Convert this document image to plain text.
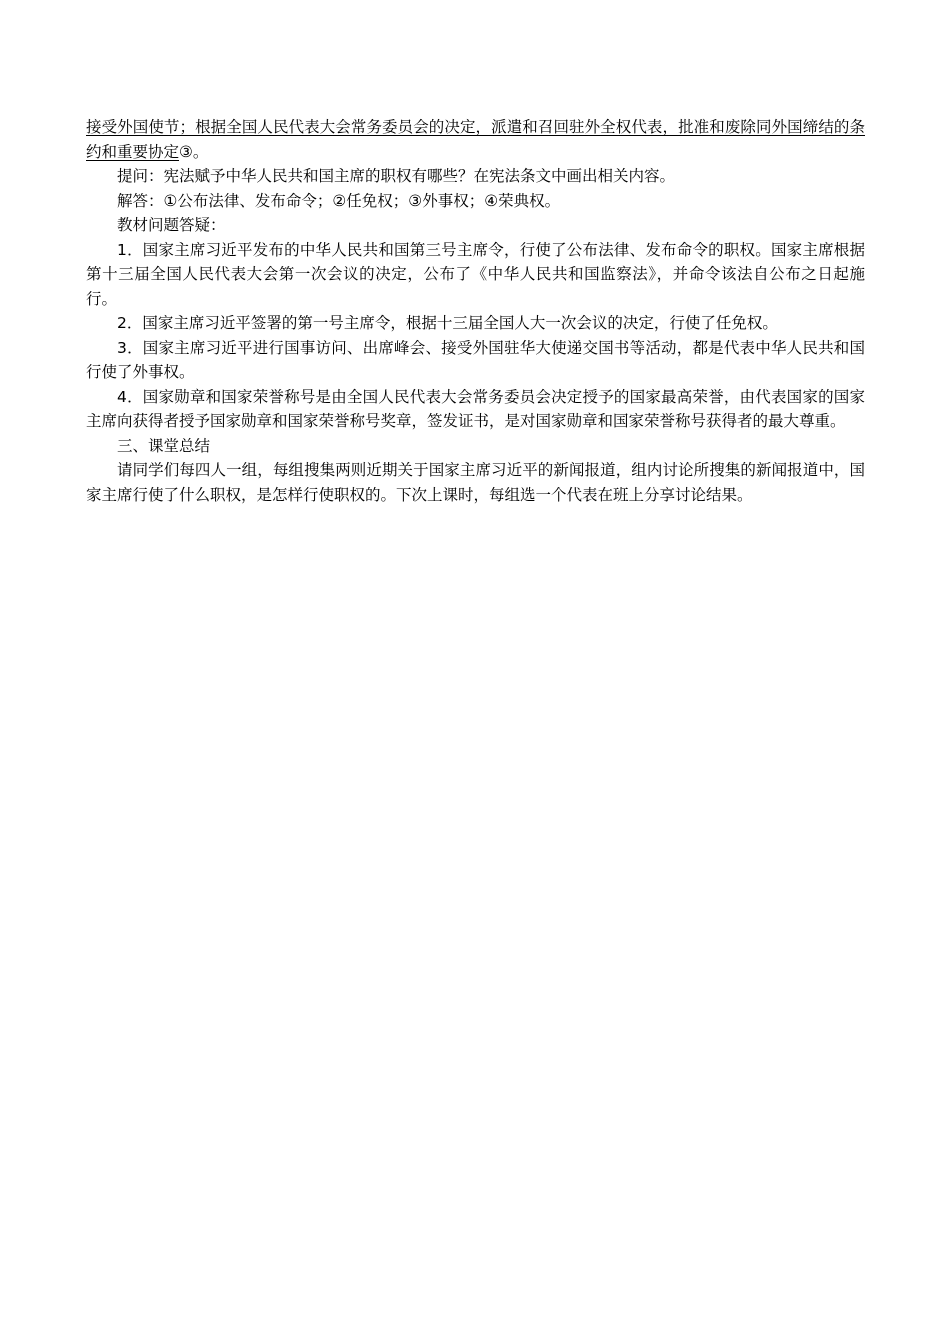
接受外国使节；根据全国人民代表大会常务委员会的决定，派遣和召回驻外全权代表，批准和废除同外国缔结的条约和重要协定③。

提问：宪法赋予中华人民共和国主席的职权有哪些？在宪法条文中画出相关内容。

解答：①公布法律、发布命令；②任免权；③外事权；④荣典权。

教材问题答疑：

1．国家主席习近平发布的中华人民共和国第三号主席令，行使了公布法律、发布命令的职权。国家主席根据第十三届全国人民代表大会第一次会议的决定，公布了《中华人民共和国监察法》，并命令该法自公布之日起施行。

2．国家主席习近平签署的第一号主席令，根据十三届全国人大一次会议的决定，行使了任免权。

3．国家主席习近平进行国事访问、出席峰会、接受外国驻华大使递交国书等活动，都是代表中华人民共和国行使了外事权。

4．国家勋章和国家荣誉称号是由全国人民代表大会常务委员会决定授予的国家最高荣誉，由代表国家的国家主席向获得者授予国家勋章和国家荣誉称号奖章，签发证书，是对国家勋章和国家荣誉称号获得者的最大尊重。

三、课堂总结

请同学们每四人一组，每组搜集两则近期关于国家主席习近平的新闻报道，组内讨论所搜集的新闻报道中，国家主席行使了什么职权，是怎样行使职权的。下次上课时，每组选一个代表在班上分享讨论结果。
